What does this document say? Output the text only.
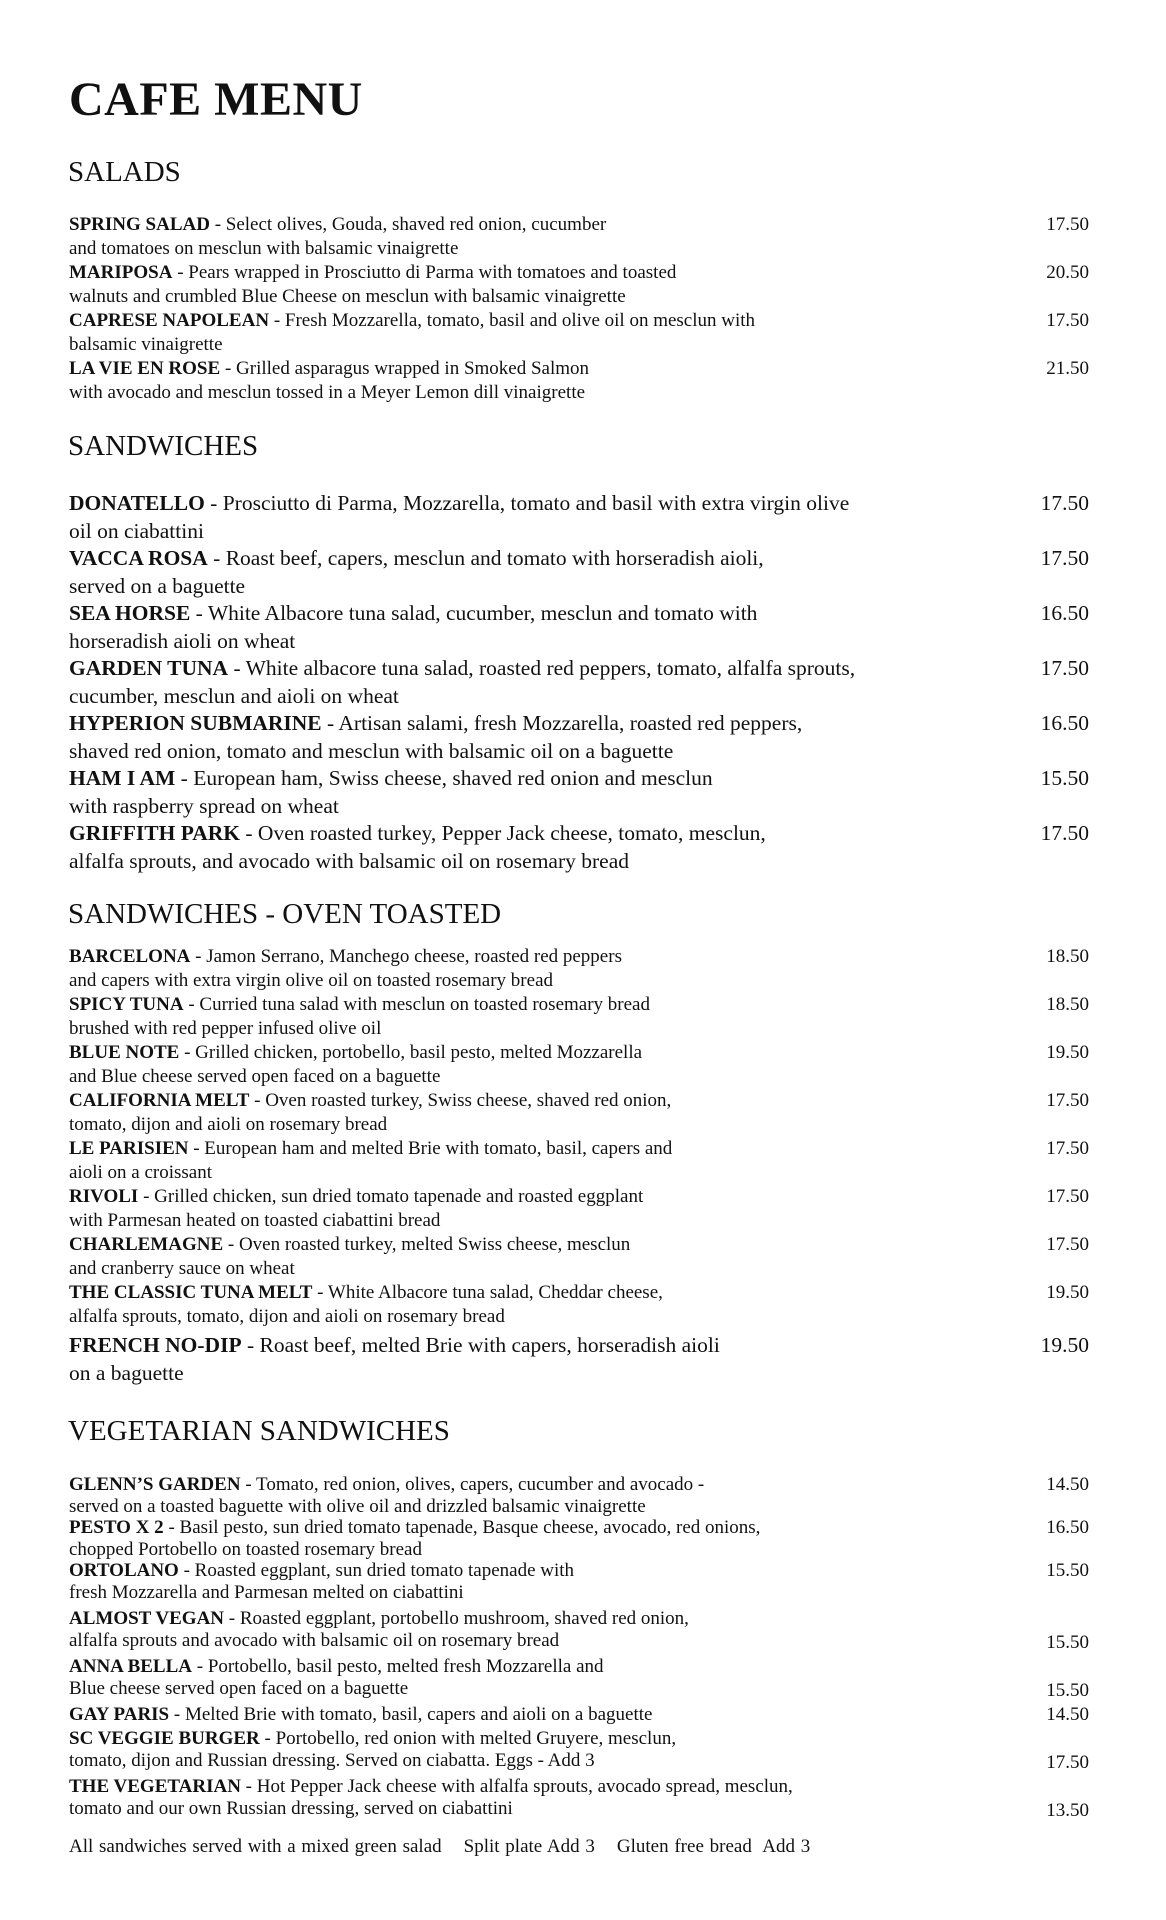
CAFE MENU
SALADS
17.50
SPRING SALAD - Select olives, Gouda, shaved red onion, cucumber
and tomatoes on mesclun with balsamic vinaigrette
20.50
MARIPOSA - Pears wrapped in Prosciutto di Parma with tomatoes and toasted
walnuts and crumbled Blue Cheese on mesclun with balsamic vinaigrette
17.50
CAPRESE NAPOLEAN - Fresh Mozzarella, tomato, basil and olive oil on mesclun with
balsamic vinaigrette
21.50
LA VIE EN ROSE - Grilled asparagus wrapped in Smoked Salmon
with avocado and mesclun tossed in a Meyer Lemon dill vinaigrette
SANDWICHES
17.50
DONATELLO - Prosciutto di Parma, Mozzarella, tomato and basil with extra virgin olive
oil on ciabattini
17.50
VACCA ROSA - Roast beef, capers, mesclun and tomato with horseradish aioli,
served on a baguette
16.50
SEA HORSE - White Albacore tuna salad, cucumber, mesclun and tomato with
horseradish aioli on wheat
17.50
GARDEN TUNA - White albacore tuna salad, roasted red peppers, tomato, alfalfa sprouts,
cucumber, mesclun and aioli on wheat
16.50
HYPERION SUBMARINE - Artisan salami, fresh Mozzarella, roasted red peppers,
shaved red onion, tomato and mesclun with balsamic oil on a baguette
15.50
HAM I AM - European ham, Swiss cheese, shaved red onion and mesclun
with raspberry spread on wheat
17.50
GRIFFITH PARK - Oven roasted turkey, Pepper Jack cheese, tomato, mesclun,
alfalfa sprouts, and avocado with balsamic oil on rosemary bread
SANDWICHES - OVEN TOASTED
18.50
BARCELONA - Jamon Serrano, Manchego cheese, roasted red peppers
and capers with extra virgin olive oil on toasted rosemary bread
18.50
SPICY TUNA - Curried tuna salad with mesclun on toasted rosemary bread
brushed with red pepper infused olive oil
19.50
BLUE NOTE - Grilled chicken, portobello, basil pesto, melted Mozzarella
and Blue cheese served open faced on a baguette
17.50
CALIFORNIA MELT - Oven roasted turkey, Swiss cheese, shaved red onion,
tomato, dijon and aioli on rosemary bread
17.50
LE PARISIEN - European ham and melted Brie with tomato, basil, capers and
aioli on a croissant
17.50
RIVOLI - Grilled chicken, sun dried tomato tapenade and roasted eggplant
with Parmesan heated on toasted ciabattini bread
17.50
CHARLEMAGNE - Oven roasted turkey, melted Swiss cheese, mesclun
and cranberry sauce on wheat
19.50
THE CLASSIC TUNA MELT - White Albacore tuna salad, Cheddar cheese,
alfalfa sprouts, tomato, dijon and aioli on rosemary bread
19.50
FRENCH NO-DIP - Roast beef, melted Brie with capers, horseradish aioli
on a baguette
VEGETARIAN SANDWICHES
14.50
GLENN’S GARDEN - Tomato, red onion, olives, capers, cucumber and avocado -
served on a toasted baguette with olive oil and drizzled balsamic vinaigrette
16.50
PESTO X 2 - Basil pesto, sun dried tomato tapenade, Basque cheese, avocado, red onions,
chopped Portobello on toasted rosemary bread
15.50
ORTOLANO - Roasted eggplant, sun dried tomato tapenade with
fresh Mozzarella and Parmesan melted on ciabattini
15.50
ALMOST VEGAN - Roasted eggplant, portobello mushroom, shaved red onion,
alfalfa sprouts and avocado with balsamic oil on rosemary bread
15.50
ANNA BELLA - Portobello, basil pesto, melted fresh Mozzarella and
Blue cheese served open faced on a baguette
14.50
GAY PARIS - Melted Brie with tomato, basil, capers and aioli on a baguette
17.50
SC VEGGIE BURGER - Portobello, red onion with melted Gruyere, mesclun,
tomato, dijon and Russian dressing. Served on ciabatta. Eggs - Add 3
13.50
THE VEGETARIAN - Hot Pepper Jack cheese with alfalfa sprouts, avocado spread, mesclun,
tomato and our own Russian dressing, served on ciabattini
All sandwiches served with a mixed green salad Split plate Add 3 Gluten free bread  Add 3
